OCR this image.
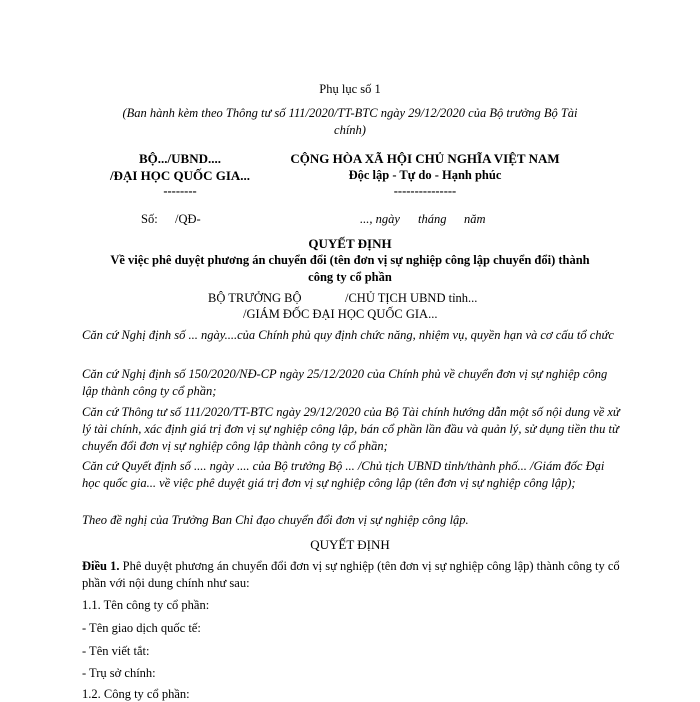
Phụ lục số 1
(Ban hành kèm theo Thông tư số 111/2020/TT-BTC ngày 29/12/2020 của Bộ trưởng Bộ Tài
chính)
BỘ.../UBND....
/ĐẠI HỌC QUỐC GIA...
--------
CỘNG HÒA XÃ HỘI CHỦ NGHĨA VIỆT NAM
Độc lập - Tự do - Hạnh phúc
---------------
Số: /QĐ-	..., ngày tháng năm
QUYẾT ĐỊNH
Về việc phê duyệt phương án chuyển đổi (tên đơn vị sự nghiệp công lập chuyển đổi) thành
công ty cổ phần
BỘ TRƯỞNG BỘ	/CHỦ TỊCH UBND tỉnh...
/GIÁM ĐỐC ĐẠI HỌC QUỐC GIA...
Căn cứ Nghị định số ... ngày....của Chính phủ quy định chức năng, nhiệm vụ, quyền hạn và cơ cấu tổ chức
Căn cứ Nghị định số 150/2020/NĐ-CP ngày 25/12/2020 của Chính phủ về chuyển đơn vị sự nghiệp công lập thành công ty cổ phần;
Căn cứ Thông tư số 111/2020/TT-BTC ngày 29/12/2020 của Bộ Tài chính hướng dẫn một số nội dung về xử lý tài chính, xác định giá trị đơn vị sự nghiệp công lập, bán cổ phần lần đầu và quản lý, sử dụng tiền thu từ chuyển đổi đơn vị sự nghiệp công lập thành công ty cổ phần;
Căn cứ Quyết định số .... ngày .... của Bộ trưởng Bộ ... /Chủ tịch UBND tỉnh/thành phố... /Giám đốc Đại học quốc gia... về việc phê duyệt giá trị đơn vị sự nghiệp công lập (tên đơn vị sự nghiệp công lập);
Theo đề nghị của Trưởng Ban Chỉ đạo chuyển đổi đơn vị sự nghiệp công lập.
QUYẾT ĐỊNH
Điều 1. Phê duyệt phương án chuyển đổi đơn vị sự nghiệp (tên đơn vị sự nghiệp công lập) thành công ty cổ phần với nội dung chính như sau:
1.1. Tên công ty cổ phần:
- Tên giao dịch quốc tế:
- Tên viết tắt:
- Trụ sở chính:
1.2. Công ty cổ phần:
